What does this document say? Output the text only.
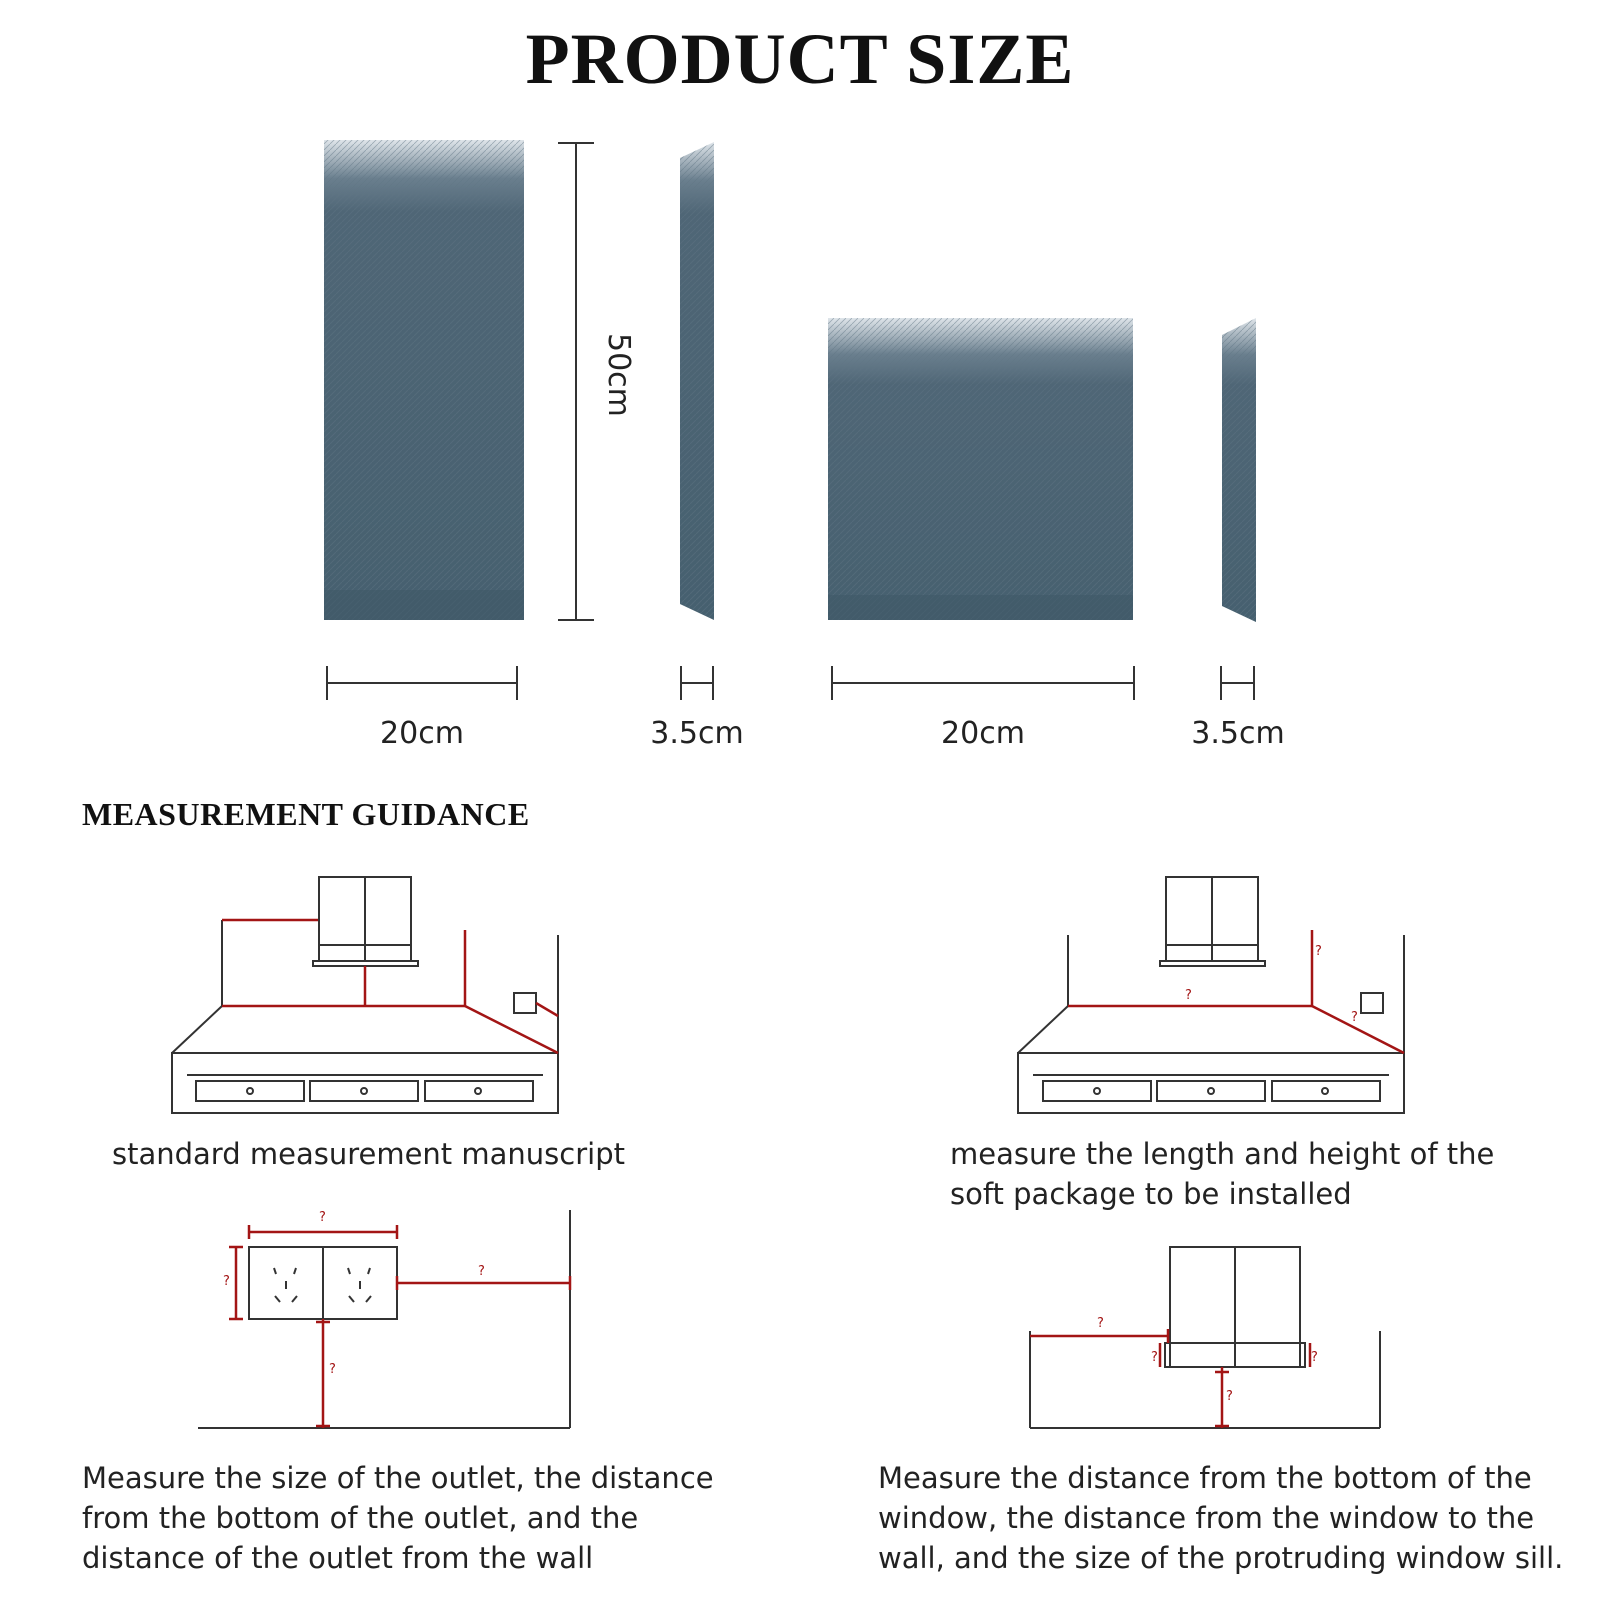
PRODUCT SIZE
?
?
?
?
?
?
?
?
?	?
?
50cm
20cm	3.5cm	20cm	3.5cm
MEASUREMENT GUIDANCE
standard measurement manuscript	measure the length and height of the soft package to be installed
Measure the size of the outlet, the distance from the bottom of the outlet, and the distance of the outlet from the wall
Measure the distance from the bottom of the window, the distance from the window to the wall, and the size of the protruding window sill.
